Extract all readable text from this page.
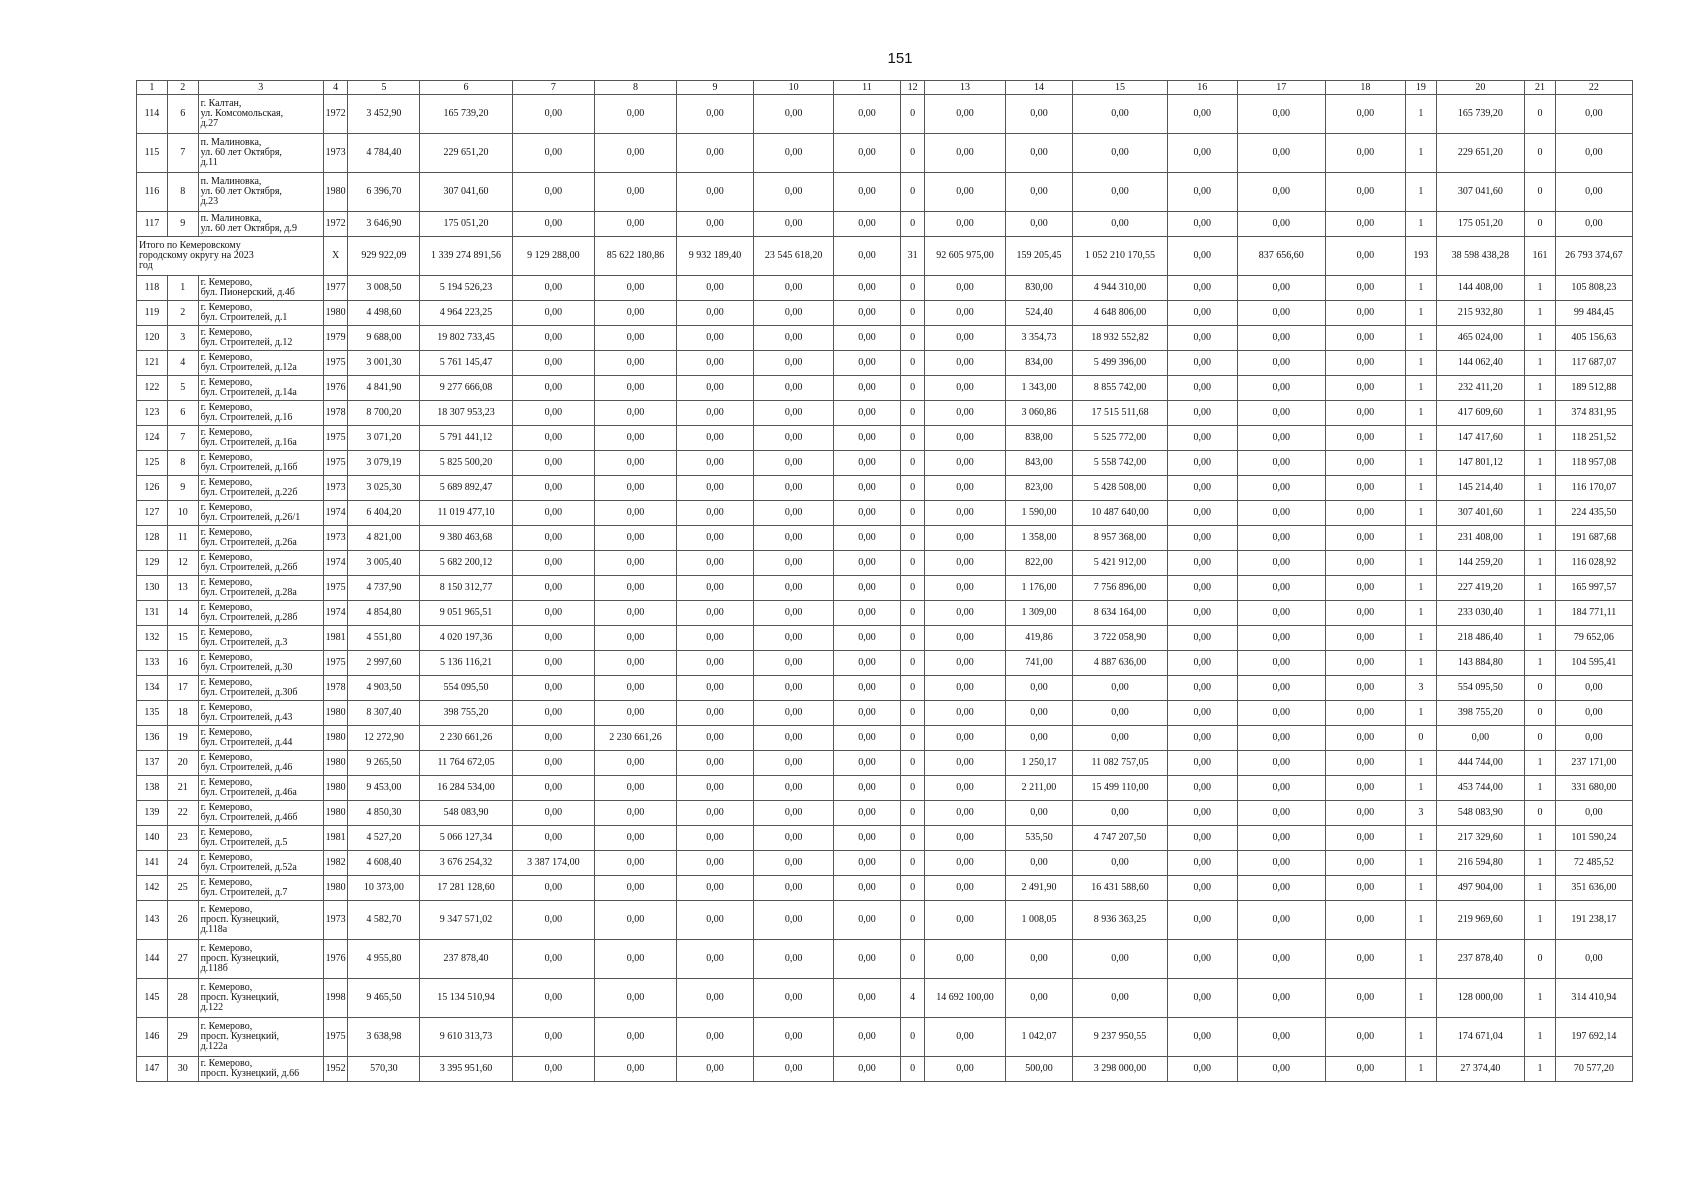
151
1	2	3	4	5	6	7	8	9	10	11	12	13	14	15	16	17	18	19	20	21	22
114	6	г. Калтан,
ул. Комсомольская,
д.27	1972	3 452,90	165 739,20	0,00	0,00	0,00	0,00	0,00	0	0,00	0,00	0,00	0,00	0,00	0,00	1	165 739,20	0	0,00
115	7	п. Малиновка,
ул. 60 лет Октября,
д.11	1973	4 784,40	229 651,20	0,00	0,00	0,00	0,00	0,00	0	0,00	0,00	0,00	0,00	0,00	0,00	1	229 651,20	0	0,00
116	8	п. Малиновка,
ул. 60 лет Октября,
д.23	1980	6 396,70	307 041,60	0,00	0,00	0,00	0,00	0,00	0	0,00	0,00	0,00	0,00	0,00	0,00	1	307 041,60	0	0,00
117	9	п. Малиновка,
ул. 60 лет Октября, д.9	1972	3 646,90	175 051,20	0,00	0,00	0,00	0,00	0,00	0	0,00	0,00	0,00	0,00	0,00	0,00	1	175 051,20	0	0,00
Итого по Кемеровскому
городскому округу на 2023
год			X	929 922,09	1 339 274 891,56	9 129 288,00	85 622 180,86	9 932 189,40	23 545 618,20	0,00	31	92 605 975,00	159 205,45	1 052 210 170,55	0,00	837 656,60	0,00	193	38 598 438,28	161	26 793 374,67
118	1	г. Кемерово,
бул. Пионерский, д.4б	1977	3 008,50	5 194 526,23	0,00	0,00	0,00	0,00	0,00	0	0,00	830,00	4 944 310,00	0,00	0,00	0,00	1	144 408,00	1	105 808,23
119	2	г. Кемерово,
бул. Строителей, д.1	1980	4 498,60	4 964 223,25	0,00	0,00	0,00	0,00	0,00	0	0,00	524,40	4 648 806,00	0,00	0,00	0,00	1	215 932,80	1	99 484,45
120	3	г. Кемерово,
бул. Строителей, д.12	1979	9 688,00	19 802 733,45	0,00	0,00	0,00	0,00	0,00	0	0,00	3 354,73	18 932 552,82	0,00	0,00	0,00	1	465 024,00	1	405 156,63
121	4	г. Кемерово,
бул. Строителей, д.12а	1975	3 001,30	5 761 145,47	0,00	0,00	0,00	0,00	0,00	0	0,00	834,00	5 499 396,00	0,00	0,00	0,00	1	144 062,40	1	117 687,07
122	5	г. Кемерово,
бул. Строителей, д.14а	1976	4 841,90	9 277 666,08	0,00	0,00	0,00	0,00	0,00	0	0,00	1 343,00	8 855 742,00	0,00	0,00	0,00	1	232 411,20	1	189 512,88
123	6	г. Кемерово,
бул. Строителей, д.16	1978	8 700,20	18 307 953,23	0,00	0,00	0,00	0,00	0,00	0	0,00	3 060,86	17 515 511,68	0,00	0,00	0,00	1	417 609,60	1	374 831,95
124	7	г. Кемерово,
бул. Строителей, д.16а	1975	3 071,20	5 791 441,12	0,00	0,00	0,00	0,00	0,00	0	0,00	838,00	5 525 772,00	0,00	0,00	0,00	1	147 417,60	1	118 251,52
125	8	г. Кемерово,
бул. Строителей, д.16б	1975	3 079,19	5 825 500,20	0,00	0,00	0,00	0,00	0,00	0	0,00	843,00	5 558 742,00	0,00	0,00	0,00	1	147 801,12	1	118 957,08
126	9	г. Кемерово,
бул. Строителей, д.22б	1973	3 025,30	5 689 892,47	0,00	0,00	0,00	0,00	0,00	0	0,00	823,00	5 428 508,00	0,00	0,00	0,00	1	145 214,40	1	116 170,07
127	10	г. Кемерово,
бул. Строителей, д.26/1	1974	6 404,20	11 019 477,10	0,00	0,00	0,00	0,00	0,00	0	0,00	1 590,00	10 487 640,00	0,00	0,00	0,00	1	307 401,60	1	224 435,50
128	11	г. Кемерово,
бул. Строителей, д.26а	1973	4 821,00	9 380 463,68	0,00	0,00	0,00	0,00	0,00	0	0,00	1 358,00	8 957 368,00	0,00	0,00	0,00	1	231 408,00	1	191 687,68
129	12	г. Кемерово,
бул. Строителей, д.26б	1974	3 005,40	5 682 200,12	0,00	0,00	0,00	0,00	0,00	0	0,00	822,00	5 421 912,00	0,00	0,00	0,00	1	144 259,20	1	116 028,92
130	13	г. Кемерово,
бул. Строителей, д.28а	1975	4 737,90	8 150 312,77	0,00	0,00	0,00	0,00	0,00	0	0,00	1 176,00	7 756 896,00	0,00	0,00	0,00	1	227 419,20	1	165 997,57
131	14	г. Кемерово,
бул. Строителей, д.28б	1974	4 854,80	9 051 965,51	0,00	0,00	0,00	0,00	0,00	0	0,00	1 309,00	8 634 164,00	0,00	0,00	0,00	1	233 030,40	1	184 771,11
132	15	г. Кемерово,
бул. Строителей, д.3	1981	4 551,80	4 020 197,36	0,00	0,00	0,00	0,00	0,00	0	0,00	419,86	3 722 058,90	0,00	0,00	0,00	1	218 486,40	1	79 652,06
133	16	г. Кемерово,
бул. Строителей, д.30	1975	2 997,60	5 136 116,21	0,00	0,00	0,00	0,00	0,00	0	0,00	741,00	4 887 636,00	0,00	0,00	0,00	1	143 884,80	1	104 595,41
134	17	г. Кемерово,
бул. Строителей, д.30б	1978	4 903,50	554 095,50	0,00	0,00	0,00	0,00	0,00	0	0,00	0,00	0,00	0,00	0,00	0,00	3	554 095,50	0	0,00
135	18	г. Кемерово,
бул. Строителей, д.43	1980	8 307,40	398 755,20	0,00	0,00	0,00	0,00	0,00	0	0,00	0,00	0,00	0,00	0,00	0,00	1	398 755,20	0	0,00
136	19	г. Кемерово,
бул. Строителей, д.44	1980	12 272,90	2 230 661,26	0,00	2 230 661,26	0,00	0,00	0,00	0	0,00	0,00	0,00	0,00	0,00	0,00	0	0,00	0	0,00
137	20	г. Кемерово,
бул. Строителей, д.46	1980	9 265,50	11 764 672,05	0,00	0,00	0,00	0,00	0,00	0	0,00	1 250,17	11 082 757,05	0,00	0,00	0,00	1	444 744,00	1	237 171,00
138	21	г. Кемерово,
бул. Строителей, д.46а	1980	9 453,00	16 284 534,00	0,00	0,00	0,00	0,00	0,00	0	0,00	2 211,00	15 499 110,00	0,00	0,00	0,00	1	453 744,00	1	331 680,00
139	22	г. Кемерово,
бул. Строителей, д.46б	1980	4 850,30	548 083,90	0,00	0,00	0,00	0,00	0,00	0	0,00	0,00	0,00	0,00	0,00	0,00	3	548 083,90	0	0,00
140	23	г. Кемерово,
бул. Строителей, д.5	1981	4 527,20	5 066 127,34	0,00	0,00	0,00	0,00	0,00	0	0,00	535,50	4 747 207,50	0,00	0,00	0,00	1	217 329,60	1	101 590,24
141	24	г. Кемерово,
бул. Строителей, д.52а	1982	4 608,40	3 676 254,32	3 387 174,00	0,00	0,00	0,00	0,00	0	0,00	0,00	0,00	0,00	0,00	0,00	1	216 594,80	1	72 485,52
142	25	г. Кемерово,
бул. Строителей, д.7	1980	10 373,00	17 281 128,60	0,00	0,00	0,00	0,00	0,00	0	0,00	2 491,90	16 431 588,60	0,00	0,00	0,00	1	497 904,00	1	351 636,00
143	26	г. Кемерово,
просп. Кузнецкий,
д.118а	1973	4 582,70	9 347 571,02	0,00	0,00	0,00	0,00	0,00	0	0,00	1 008,05	8 936 363,25	0,00	0,00	0,00	1	219 969,60	1	191 238,17
144	27	г. Кемерово,
просп. Кузнецкий,
д.118б	1976	4 955,80	237 878,40	0,00	0,00	0,00	0,00	0,00	0	0,00	0,00	0,00	0,00	0,00	0,00	1	237 878,40	0	0,00
145	28	г. Кемерово,
просп. Кузнецкий,
д.122	1998	9 465,50	15 134 510,94	0,00	0,00	0,00	0,00	0,00	4	14 692 100,00	0,00	0,00	0,00	0,00	0,00	1	128 000,00	1	314 410,94
146	29	г. Кемерово,
просп. Кузнецкий,
д.122а	1975	3 638,98	9 610 313,73	0,00	0,00	0,00	0,00	0,00	0	0,00	1 042,07	9 237 950,55	0,00	0,00	0,00	1	174 671,04	1	197 692,14
147	30	г. Кемерово,
просп. Кузнецкий, д.66	1952	570,30	3 395 951,60	0,00	0,00	0,00	0,00	0,00	0	0,00	500,00	3 298 000,00	0,00	0,00	0,00	1	27 374,40	1	70 577,20
